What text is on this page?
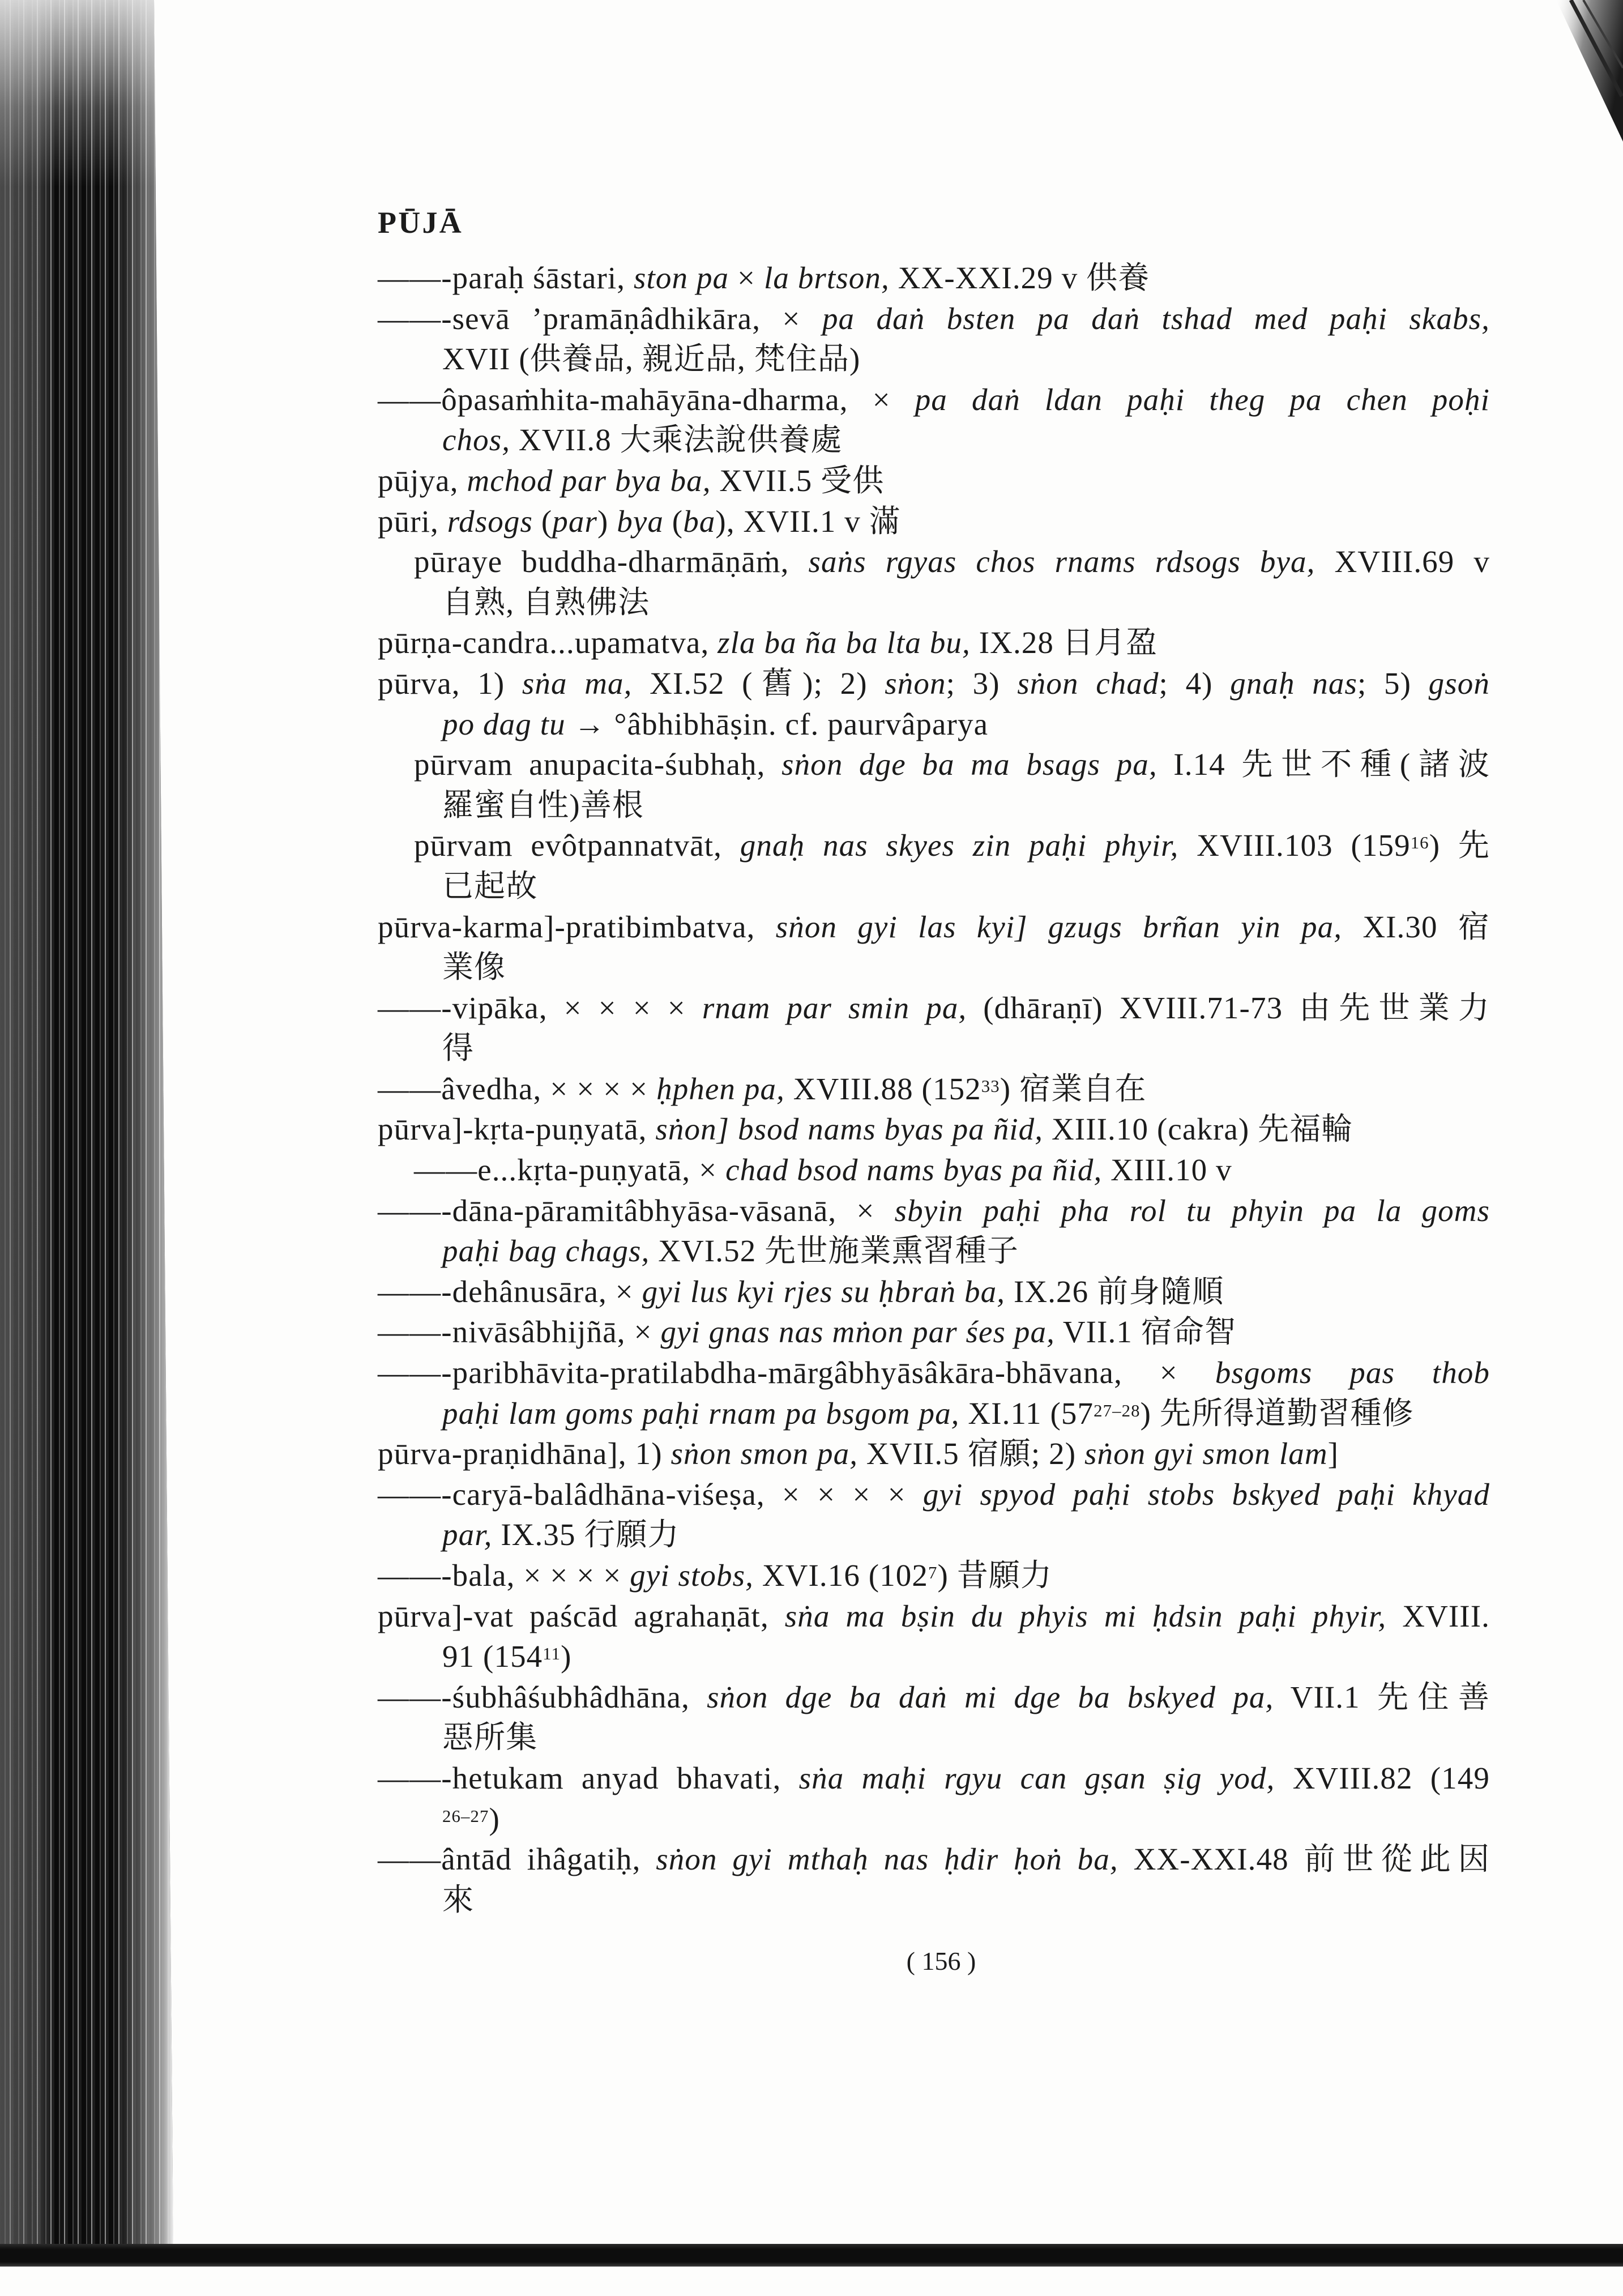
PŪJĀ
——-paraḥ śāstari, ston pa × la brtson, XX-XXI.29 v 供養
——-sevā ’pramāṇâdhikāra, × pa daṅ bsten pa daṅ tshad med paḥi skabs,
XVII (供養品, 親近品, 梵住品)
——ôpasaṁhita-mahāyāna-dharma, × pa daṅ ldan paḥi theg pa chen poḥi
chos, XVII.8 大乘法說供養處
pūjya, mchod par bya ba, XVII.5 受供
pūri, rdsogs (par) bya (ba), XVII.1 v 滿
pūraye buddha-dharmāṇāṁ, saṅs rgyas chos rnams rdsogs bya, XVIII.69 v
自熟, 自熟佛法
pūrṇa-candra...upamatva, zla ba ña ba lta bu, IX.28 日月盈
pūrva, 1) sṅa ma, XI.52 (舊); 2) sṅon; 3) sṅon chad; 4) gnaḥ nas; 5) gsoṅ
po dag tu → °âbhibhāṣin. cf. paurvâparya
pūrvam anupacita-śubhaḥ, sṅon dge ba ma bsags pa, I.14 先世不種(諸波
羅蜜自性)善根
pūrvam evôtpannatvāt, gnaḥ nas skyes zin paḥi phyir, XVIII.103 $(159^{16})$ 先
已起故
pūrva-karma]-pratibimbatva, sṅon gyi las kyi] gzugs brñan yin pa, XI.30 宿
業像
——-vipāka, × × × × rnam par smin pa, (dhāraṇī) XVIII.71-73 由先世業力
得
——âvedha, × × × × ḥphen pa, XVIII.88 $(152^{33})$ 宿業自在
pūrva]-kṛta-puṇyatā, sṅon] bsod nams byas pa ñid, XIII.10 (cakra) 先福輪
——e...kṛta-puṇyatā, × chad bsod nams byas pa ñid, XIII.10 v
——-dāna-pāramitâbhyāsa-vāsanā, × sbyin paḥi pha rol tu phyin pa la goms
paḥi bag chags, XVI.52 先世施業熏習種子
——-dehânusāra, × gyi lus kyi rjes su ḥbraṅ ba, IX.26 前身隨順
——-nivāsâbhijñā, × gyi gnas nas mṅon par śes pa, VII.1 宿命智
——-paribhāvita-pratilabdha-mārgâbhyāsâkāra-bhāvana, × bsgoms pas thob
paḥi lam goms paḥi rnam pa bsgom pa, XI.11 (57$^{27-28}$) 先所得道勤習種修
pūrva-praṇidhāna], 1) sṅon smon pa, XVII.5 宿願; 2) sṅon gyi smon lam]
——-caryā-balâdhāna-viśeṣa, × × × × gyi spyod paḥi stobs bskyed paḥi khyad
par, IX.35 行願力
——-bala, × × × × gyi stobs, XVI.16 $(102^7)$ 昔願力
pūrva]-vat paścād agrahaṇāt, sṅa ma bṣin du phyis mi ḥdsin paḥi phyir, XVIII.
91 $(154^{11})$
——-śubhâśubhâdhāna, sṅon dge ba daṅ mi dge ba bskyed pa, VII.1 先住善
惡所集
——-hetukam anyad bhavati, sṅa maḥi rgyu can gṣan ṣig yod, XVIII.82 (149
$^{26-27}$)
——ântād ihâgatiḥ, sṅon gyi mthaḥ nas ḥdir ḥoṅ ba, XX-XXI.48 前世從此因
來
( 156 )
